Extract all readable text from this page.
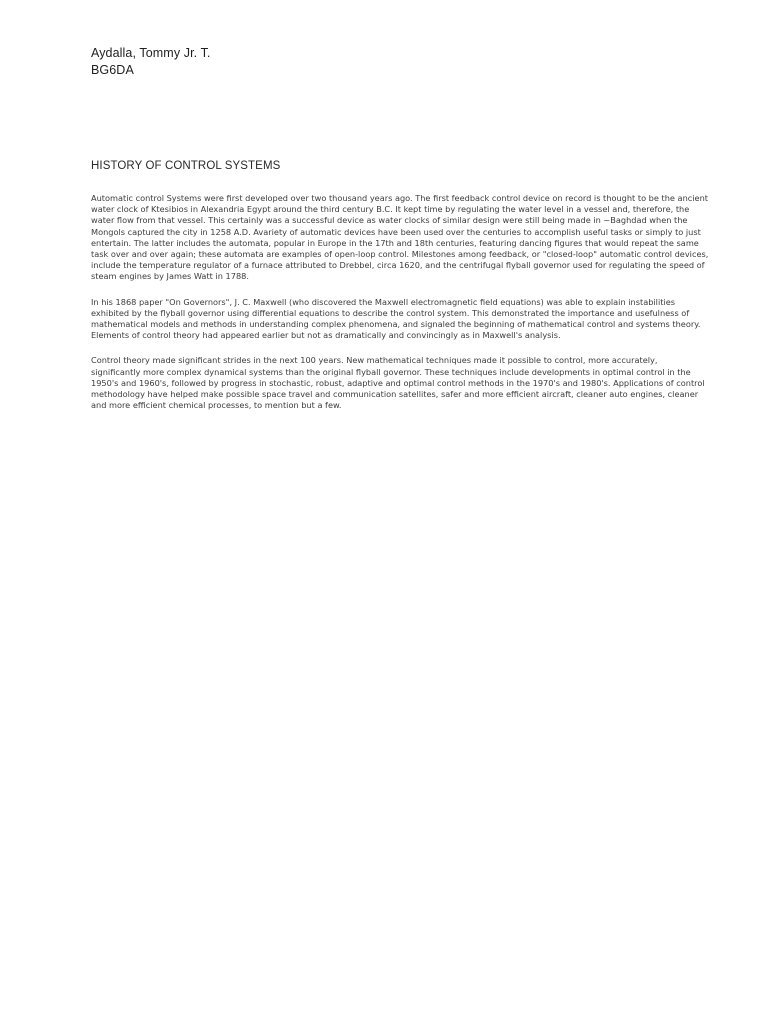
Aydalla, Tommy Jr. T.
BG6DA
HISTORY OF CONTROL SYSTEMS

Automatic control Systems were first developed over two thousand years ago. The first feedback control device on record is thought to be the ancient water clock of Ktesibios in Alexandria Egypt around the third century B.C. It kept time by regulating the water level in a vessel and, therefore, the water flow from that vessel. This certainly was a successful device as water clocks of similar design were still being made in ~Baghdad when the Mongols captured the city in 1258 A.D. Avariety of automatic devices have been used over the centuries to accomplish useful tasks or simply to just entertain. The latter includes the automata, popular in Europe in the 17th and 18th centuries, featuring dancing figures that would repeat the same task over and over again; these automata are examples of open-loop control. Milestones among feedback, or "closed-loop" automatic control devices, include the temperature regulator of a furnace attributed to Drebbel, circa 1620, and the centrifugal flyball governor used for regulating the speed of steam engines by James Watt in 1788.

In his 1868 paper "On Governors", J. C. Maxwell (who discovered the Maxwell electromagnetic field equations) was able to explain instabilities exhibited by the flyball governor using differential equations to describe the control system. This demonstrated the importance and usefulness of mathematical models and methods in understanding complex phenomena, and signaled the beginning of mathematical control and systems theory. Elements of control theory had appeared earlier but not as dramatically and convincingly as in Maxwell's analysis.

Control theory made significant strides in the next 100 years. New mathematical techniques made it possible to control, more accurately, significantly more complex dynamical systems than the original flyball governor. These techniques include developments in optimal control in the 1950's and 1960's, followed by progress in stochastic, robust, adaptive and optimal control methods in the 1970's and 1980's. Applications of control methodology have helped make possible space travel and communication satellites, safer and more efficient aircraft, cleaner auto engines, cleaner and more efficient chemical processes, to mention but a few.
